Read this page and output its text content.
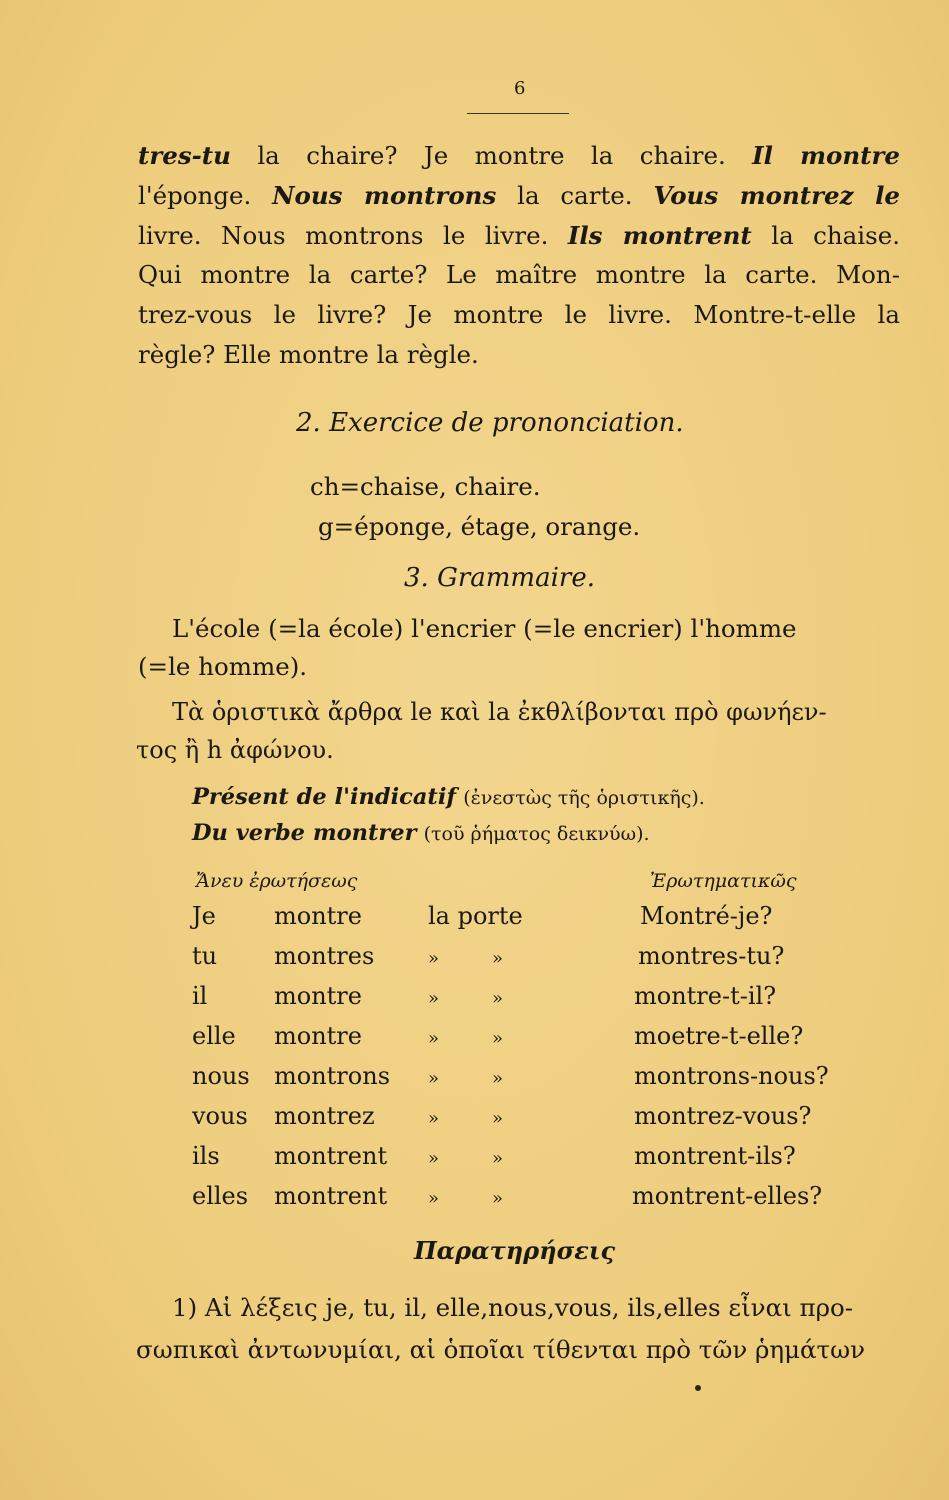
6
tres-tu la chaire? Je montre la chaire. Il montre
l'éponge. Nous montrons la carte. Vous montrez le
livre. Nous montrons le livre. Ils montrent la chaise.
Qui montre la carte? Le maître montre la carte. Mon-
trez-vous le livre? Je montre le livre. Montre-t-elle la
règle? Elle montre la règle.
2. Exercice de prononciation.
ch=chaise, chaire.
g=éponge, étage, orange.
3. Grammaire.
L'école (=la école) l'encrier (=le encrier) l'homme
(=le homme).
Τὰ ὁριστικὰ ἄρθρα le καὶ la ἐκθλίβονται πρὸ φωνήεν-
τος ἢ h ἀφώνου.
Présent de l'indicatif (ἐνεστὼς τῆς ὁριστικῆς).
Du verbe montrer (τοῦ ῥήματος δεικνύω).
Ἄνευ ἐρωτήσεως	Ἐρωτηματικῶς
Je montre	la porte	Montré-je?
tu montres	»	»	montres-tu?
il	montre	»	»	montre-t-il?
elle montre	»	»	moetre-t-elle?
nous montrons »	»	montrons-nous?
vous montrez	»	»	montrez-vous?
ils montrent »	»	montrent-ils?
elles montrent »	»	montrent-elles?
Παρατηρήσεις
1) Αἱ λέξεις je, tu, il, elle,nous,vous, ils,elles εἶναι προ-
σωπικαὶ ἀντωνυμίαι, αἱ ὁποῖαι τίθενται πρὸ τῶν ῥημάτων
